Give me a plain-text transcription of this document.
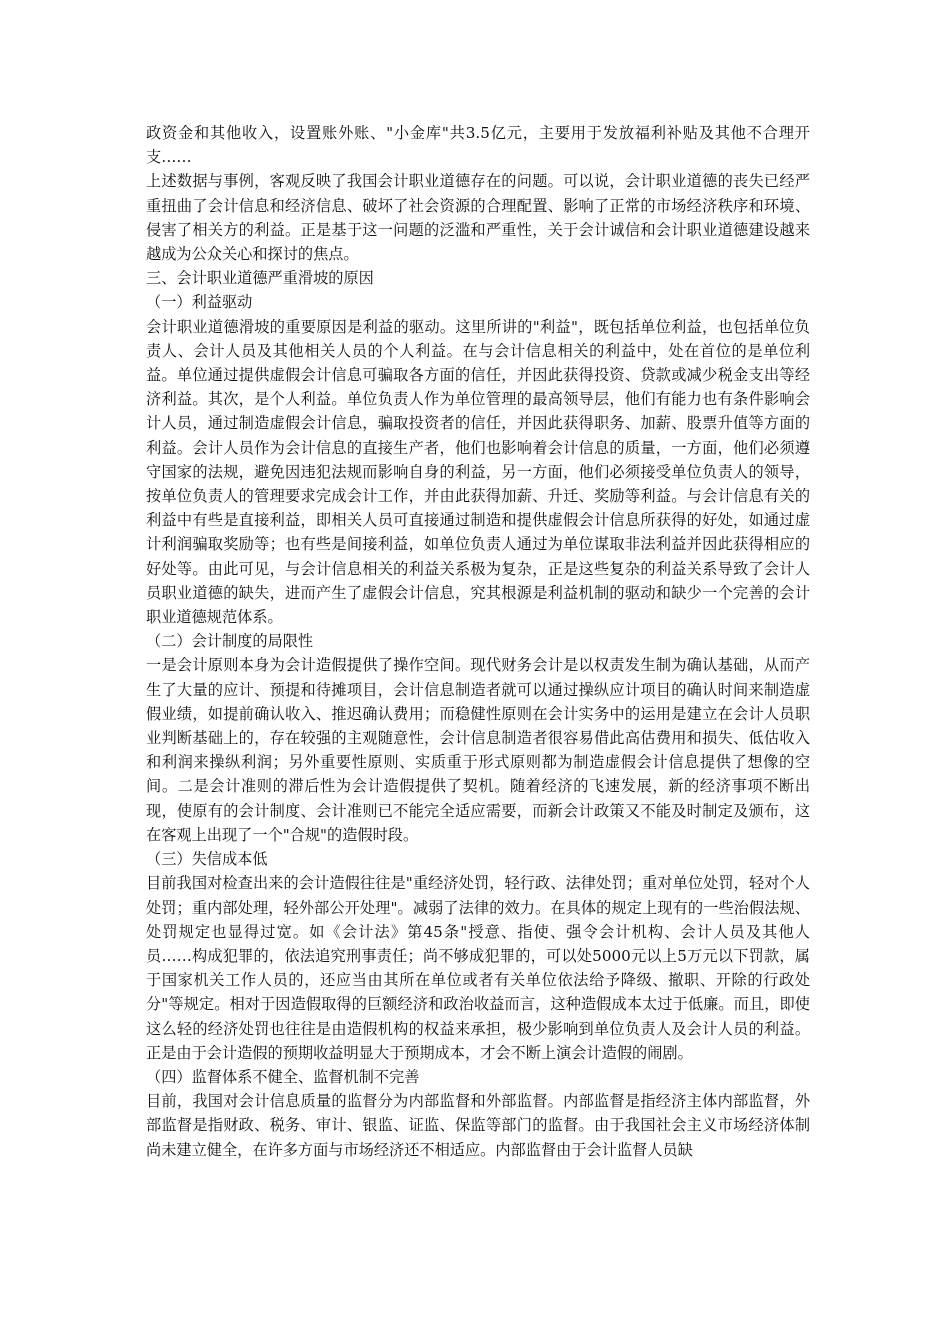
政资金和其他收入，设置账外账、"小金库"共3.5亿元，主要用于发放福利补贴及其他不合理开支……

上述数据与事例，客观反映了我国会计职业道德存在的问题。可以说，会计职业道德的丧失已经严重扭曲了会计信息和经济信息、破坏了社会资源的合理配置、影响了正常的市场经济秩序和环境、侵害了相关方的利益。正是基于这一问题的泛滥和严重性，关于会计诚信和会计职业道德建设越来越成为公众关心和探讨的焦点。

三、会计职业道德严重滑坡的原因

（一）利益驱动

会计职业道德滑坡的重要原因是利益的驱动。这里所讲的"利益"，既包括单位利益，也包括单位负责人、会计人员及其他相关人员的个人利益。在与会计信息相关的利益中，处在首位的是单位利益。单位通过提供虚假会计信息可骗取各方面的信任，并因此获得投资、贷款或减少税金支出等经济利益。其次，是个人利益。单位负责人作为单位管理的最高领导层，他们有能力也有条件影响会计人员，通过制造虚假会计信息，骗取投资者的信任，并因此获得职务、加薪、股票升值等方面的利益。会计人员作为会计信息的直接生产者，他们也影响着会计信息的质量，一方面，他们必须遵守国家的法规，避免因违犯法规而影响自身的利益，另一方面，他们必须接受单位负责人的领导，按单位负责人的管理要求完成会计工作，并由此获得加薪、升迁、奖励等利益。与会计信息有关的利益中有些是直接利益，即相关人员可直接通过制造和提供虚假会计信息所获得的好处，如通过虚计利润骗取奖励等；也有些是间接利益，如单位负责人通过为单位谋取非法利益并因此获得相应的好处等。由此可见，与会计信息相关的利益关系极为复杂，正是这些复杂的利益关系导致了会计人员职业道德的缺失，进而产生了虚假会计信息，究其根源是利益机制的驱动和缺少一个完善的会计职业道德规范体系。

（二）会计制度的局限性

一是会计原则本身为会计造假提供了操作空间。现代财务会计是以权责发生制为确认基础，从而产生了大量的应计、预提和待摊项目，会计信息制造者就可以通过操纵应计项目的确认时间来制造虚假业绩，如提前确认收入、推迟确认费用；而稳健性原则在会计实务中的运用是建立在会计人员职业判断基础上的，存在较强的主观随意性，会计信息制造者很容易借此高估费用和损失、低估收入和利润来操纵利润；另外重要性原则、实质重于形式原则都为制造虚假会计信息提供了想像的空间。二是会计准则的滞后性为会计造假提供了契机。随着经济的飞速发展，新的经济事项不断出现，使原有的会计制度、会计准则已不能完全适应需要，而新会计政策又不能及时制定及颁布，这在客观上出现了一个"合规"的造假时段。

（三）失信成本低

目前我国对检查出来的会计造假往往是"重经济处罚，轻行政、法律处罚；重对单位处罚，轻对个人处罚；重内部处理，轻外部公开处理"。减弱了法律的效力。在具体的规定上现有的一些治假法规、处罚规定也显得过宽。如《会计法》第45条"授意、指使、强令会计机构、会计人员及其他人员……构成犯罪的，依法追究刑事责任；尚不够成犯罪的，可以处5000元以上5万元以下罚款，属于国家机关工作人员的，还应当由其所在单位或者有关单位依法给予降级、撤职、开除的行政处分"等规定。相对于因造假取得的巨额经济和政治收益而言，这种造假成本太过于低廉。而且，即使这么轻的经济处罚也往往是由造假机构的权益来承担，极少影响到单位负责人及会计人员的利益。正是由于会计造假的预期收益明显大于预期成本，才会不断上演会计造假的闹剧。

（四）监督体系不健全、监督机制不完善

目前，我国对会计信息质量的监督分为内部监督和外部监督。内部监督是指经济主体内部监督，外部监督是指财政、税务、审计、银监、证监、保监等部门的监督。由于我国社会主义市场经济体制尚未建立健全，在许多方面与市场经济还不相适应。内部监督由于会计监督人员缺
